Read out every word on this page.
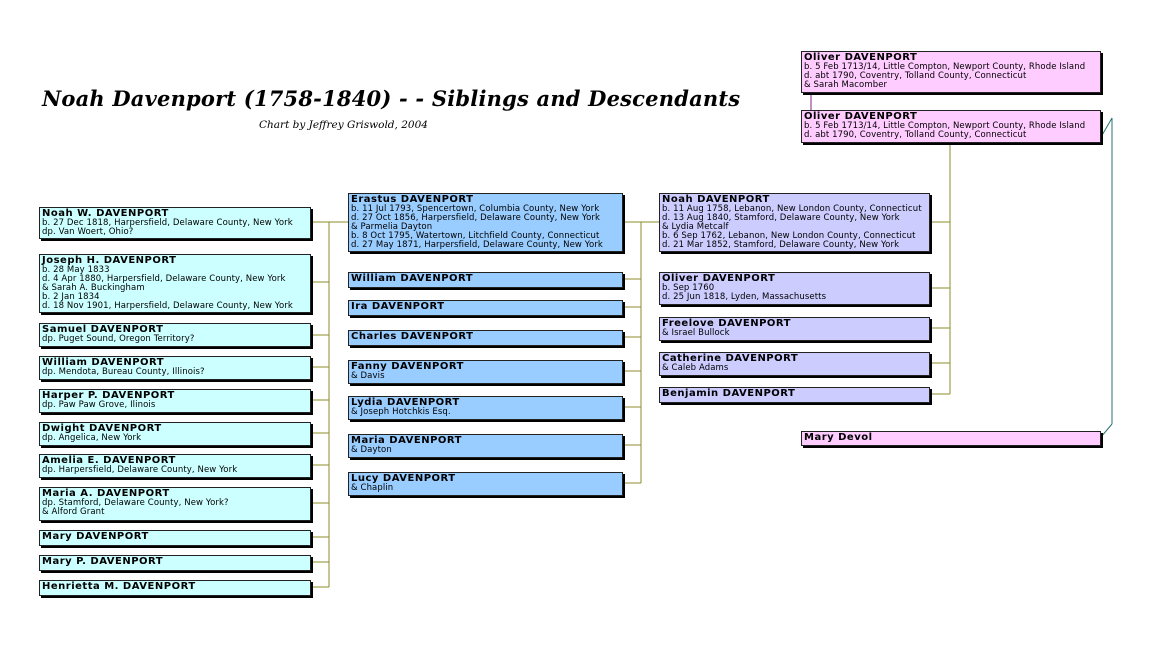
Noah Davenport (1758-1840) - - Siblings and Descendants
Chart by Jeffrey Griswold, 2004
Noah W. DAVENPORT
b. 27 Dec 1818, Harpersfield, Delaware County, New York
dp. Van Woert, Ohio?
Joseph H. DAVENPORT
b. 28 May 1833
d. 4 Apr 1880, Harpersfield, Delaware County, New York
& Sarah A. Buckingham
b. 2 Jan 1834
d. 18 Nov 1901, Harpersfield, Delaware County, New York
Samuel DAVENPORT
dp. Puget Sound, Oregon Territory?
William DAVENPORT
dp. Mendota, Bureau County, Illinois?
Harper P. DAVENPORT
dp. Paw Paw Grove, Ilinois
Dwight DAVENPORT
dp. Angelica, New York
Amelia E. DAVENPORT
dp. Harpersfield, Delaware County, New York
Maria A. DAVENPORT
dp. Stamford, Delaware County, New York?
& Alford Grant
Mary DAVENPORT
Mary P. DAVENPORT
Henrietta M. DAVENPORT
Erastus DAVENPORT
b. 11 Jul 1793, Spencertown, Columbia County, New York
d. 27 Oct 1856, Harpersfield, Delaware County, New York
& Parmelia Dayton
b. 8 Oct 1795, Watertown, Litchfield County, Connecticut
d. 27 May 1871, Harpersfield, Delaware County, New York
William DAVENPORT
Ira DAVENPORT
Charles DAVENPORT
Fanny DAVENPORT
& Davis
Lydia DAVENPORT
& Joseph Hotchkis Esq.
Maria DAVENPORT
& Dayton
Lucy DAVENPORT
& Chaplin
Noah DAVENPORT
b. 11 Aug 1758, Lebanon, New London County, Connecticut
d. 13 Aug 1840, Stamford, Delaware County, New York
& Lydia Metcalf
b. 6 Sep 1762, Lebanon, New London County, Connecticut
d. 21 Mar 1852, Stamford, Delaware County, New York
Oliver DAVENPORT
b. Sep 1760
d. 25 Jun 1818, Lyden, Massachusetts
Freelove DAVENPORT
& Israel Bullock
Catherine DAVENPORT
& Caleb Adams
Benjamin DAVENPORT
Oliver DAVENPORT
b. 5 Feb 1713/14, Little Compton, Newport County, Rhode Island
d. abt 1790, Coventry, Tolland County, Connecticut
& Sarah Macomber
Oliver DAVENPORT
b. 5 Feb 1713/14, Little Compton, Newport County, Rhode Island
d. abt 1790, Coventry, Tolland County, Connecticut
Mary Devol
